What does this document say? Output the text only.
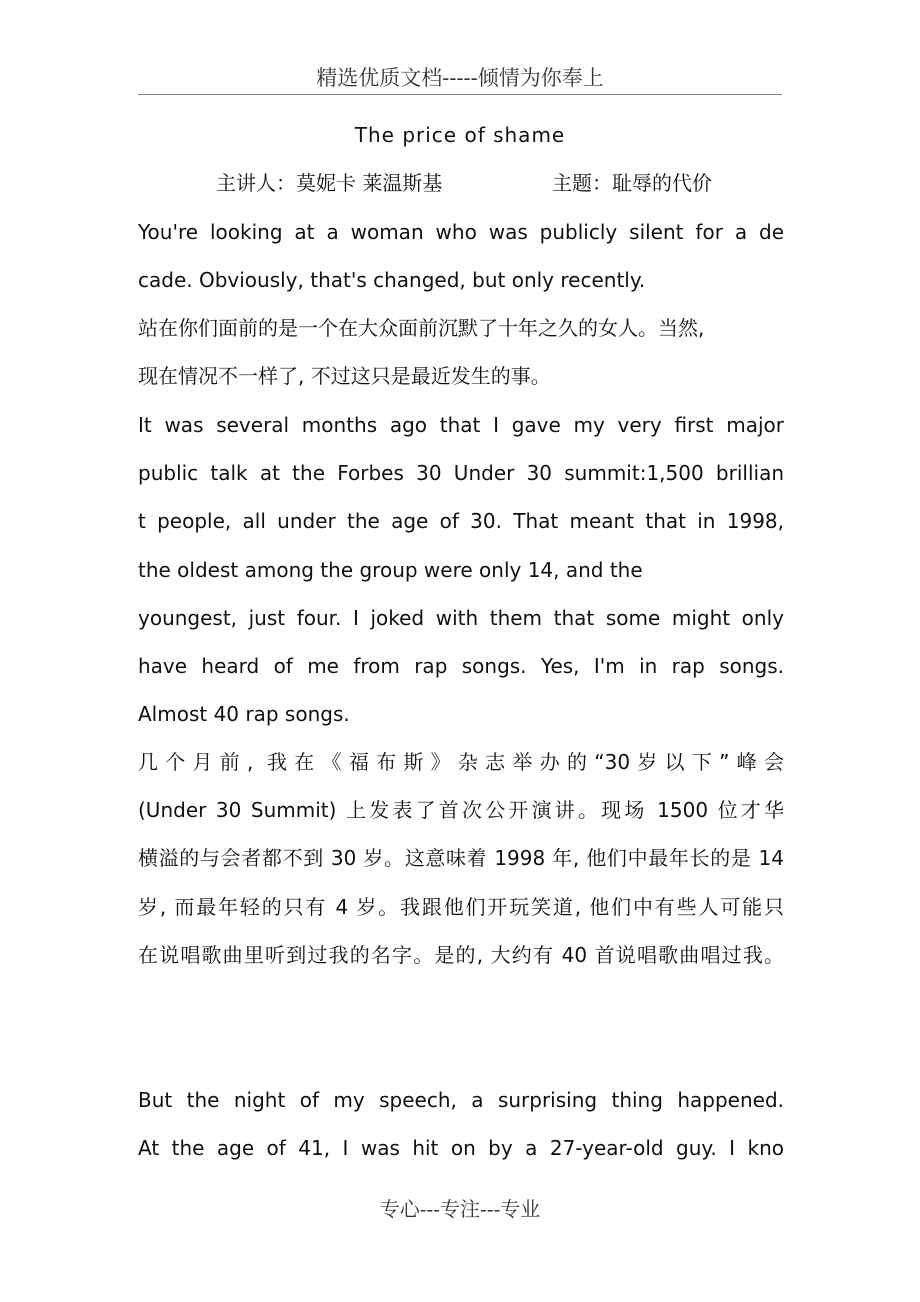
精选优质文档-----倾情为你奉上
The price of shame
主讲人：莫妮卡 莱温斯基	主题：耻辱的代价
You're looking at a woman who was publicly silent for a de
cade. Obviously, that's changed, but only recently.
站在你们面前的是一个在大众面前沉默了十年之久的女人。当然,
现在情况不一样了, 不过这只是最近发生的事。
It was several months ago that I gave my very first major
public talk at the Forbes 30 Under 30 summit:1,500 brillian
t people, all under the age of 30. That meant that in 1998,
the oldest among the group were only 14, and the
youngest, just four. I joked with them that some might only
have heard of me from rap songs. Yes, I'm in rap songs.
Almost 40 rap songs.
几个月前, 我在《福布斯》杂志举办的“30岁以下”峰会
(Under 30 Summit) 上发表了首次公开演讲。现场 1500 位才华
横溢的与会者都不到 30 岁。这意味着 1998 年, 他们中最年长的是 14
岁, 而最年轻的只有 4 岁。我跟他们开玩笑道, 他们中有些人可能只
在说唱歌曲里听到过我的名字。是的, 大约有 40 首说唱歌曲唱过我。
But the night of my speech, a surprising thing happened.
At the age of 41, I was hit on by a 27-year-old guy. I kno
专心---专注---专业
